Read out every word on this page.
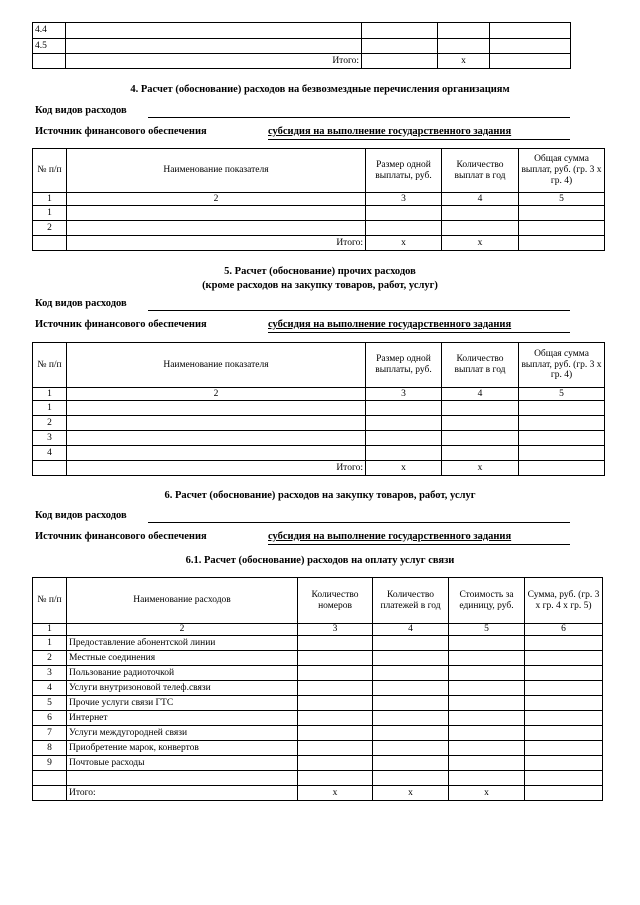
4.4				
4.5				
	Итого:		x	
4. Расчет (обоснование) расходов на безвозмездные перечисления организациям
Код видов расходов
Источник финансового обеспечения	субсидия на выполнение государственного задания
№ п/п	Наименование показателя	Размер одной выплаты, руб.	Количество выплат в год	Общая сумма выплат, руб. (гр. 3 х гр. 4)
1	2	3	4	5
1				
2				
	Итого:	x	x	
5. Расчет (обоснование) прочих расходов
(кроме расходов на закупку товаров, работ, услуг)
Код видов расходов
Источник финансового обеспечения	субсидия на выполнение государственного задания
№ п/п	Наименование показателя	Размер одной выплаты, руб.	Количество выплат в год	Общая сумма выплат, руб. (гр. 3 х гр. 4)
1	2	3	4	5
1				
2				
3				
4				
	Итого:	x	x	
6. Расчет (обоснование) расходов на закупку товаров, работ, услуг
Код видов расходов
Источник финансового обеспечения	субсидия на выполнение государственного задания
6.1. Расчет (обоснование) расходов на оплату услуг связи
№ п/п	Наименование расходов	Количество номеров	Количество платежей в год	Стоимость за единицу, руб.	Сумма, руб. (гр. 3 х гр. 4 х гр. 5)
1	2	3	4	5	6
1	Предоставление абонентской линии				
2	Местные соединения				
3	Пользование радиоточкой				
4	Услуги внутризоновой телеф.связи				
5	Прочие услуги связи ГТС				
6	Интернет				
7	Услуги междугородней связи				
8	Приобретение марок, конвертов				
9	Почтовые расходы				

	Итого:	x	x	x	
